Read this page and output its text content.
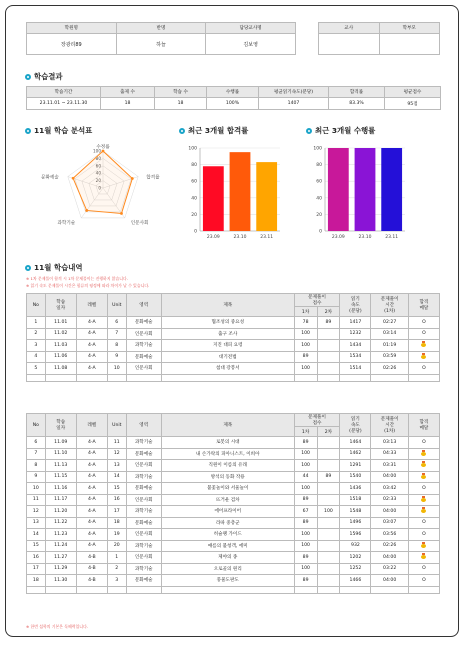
학원명	반명	담당교사명
장광리89	하늘	김보영
교사	학부모

학습결과
학습기간	출제 수	학습 수	수행률	평균읽기속도(분당)	합격률	평균점수
23.11.01 ~ 23.11.30	18	18	100%	1407	83.3%	95점
11월 학습 분석표	최근 3개월 합격률	최근 3개월 수행률
100
수정률
합격률
인문사회
과학기술
문화예술
0
20
40
60
80
100
23.09	23.10	23.11
0
20
40
60
80
100
23.09	23.10	23.11
11월 학습내역
※ 1차 문제풀이 합격 시 1차 문제풀이는 진행하지 않습니다.
※ 읽기 속도 문제풀이 시간은 합류의 평정에 따라 차이가 날 수 있습니다.
No	학습
일자	레벨	Unit	영역	제목	문제풀이
점수		읽기
속도
(분당)	문제풀이
시간
(1차)	합격
메달
						1차	2차			
1	11.01	4-A	6	문화예술	협조성의 중요성	78	89	1417	02:27	O
2	11.02	4-A	7	인문사회	출구 조사	100		1232	03:14	O
3	11.03	4-A	8	과학기술	지진 대피 요령	100		1434	01:19	
4	11.06	4-A	9	문화예술	대기전법	89		1534	03:59	
5	11.08	4-A	10	인문사회	첨대 강봉서	100		1514	02:26	O

No	학습
일자	레벨	Unit	영역	제목	문제풀이
점수		읽기
속도
(분당)	문제풀이
시간
(1차)	합격
메달
						1차	2차			
6	11.09	4-A	11	과학기술	로봇의 시대	89		1464	03:13	O
7	11.10	4-A	12	문화예술	내 손가락의 피아니스트, 이희아	100		1462	04:33	
8	11.13	4-A	13	인문사회	직원이 이름의 유래	100		1291	03:31	
9	11.15	4-A	14	과학기술	방석의 동화 작용	44	89	1540	04:00	
10	11.16	4-A	15	문화예술	불꽃놀이와 서울놀이	100		1436	03:42	O
11	11.17	4-A	16	인문사회	뜨거운 검차	89		1518	02:33	
12	11.20	4-A	17	과학기술	에어프라이어	67	100	1548	04:00	
13	11.22	4-A	18	문화예술	라따 중총군	89		1496	03:07	O
14	11.23	4-A	19	인문사회	히슬랭 가이드	100		1596	03:56	O
15	11.24	4-A	20	과학기술	얘름의 불청객, 에미	100		932	02:26	
16	11.27	4-B	1	인문사회	제야의 종	89		1202	04:00	
17	11.29	4-B	2	과학기술	오로골의 원리	100		1252	03:22	O
18	11.30	4-B	3	문화예술	풍물도판도	89		1466	04:00	O

※ 한번 섬학의 기본은 독해력입니다.
